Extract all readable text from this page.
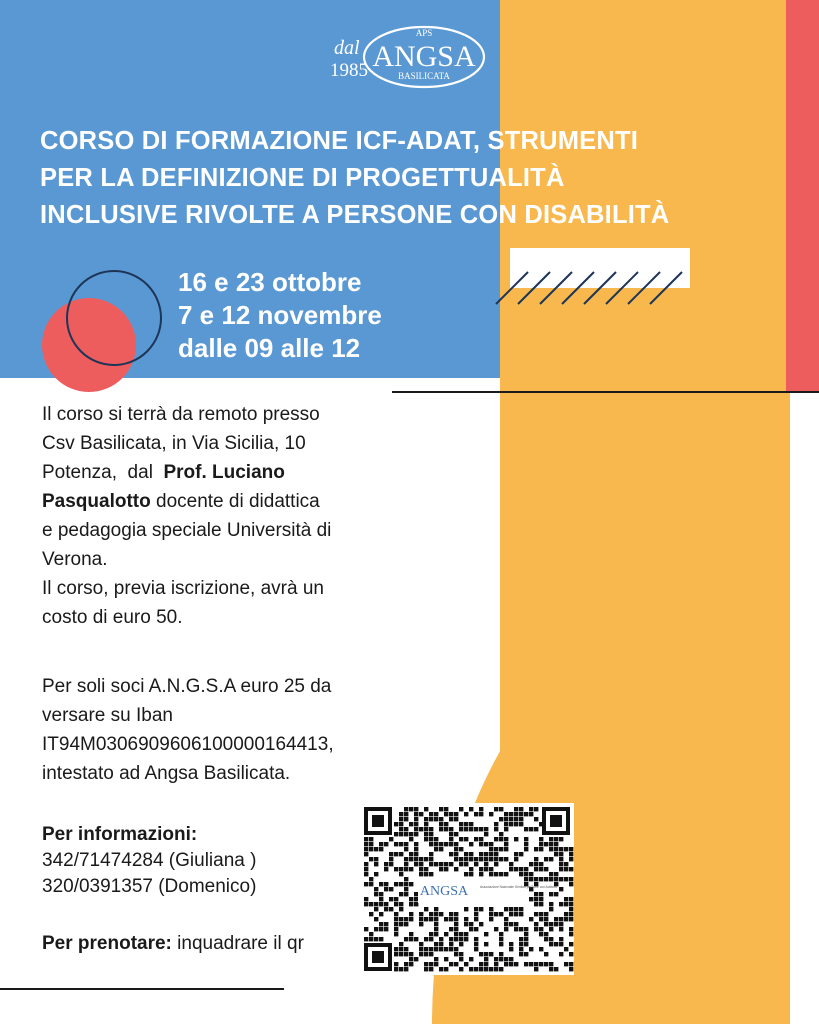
APS
ANGSA
BASILICATA
dal
1985
CORSO DI FORMAZIONE ICF-ADAT, STRUMENTI
PER LA DEFINIZIONE DI PROGETTUALITÀ
INCLUSIVE RIVOLTE A PERSONE CON DISABILITÀ
16 e 23 ottobre
7 e 12 novembre
dalle 09 alle 12
Il corso si terrà da remoto presso
Csv Basilicata, in Via Sicilia, 10
Potenza,  dal  Prof. Luciano
Pasqualotto docente di didattica
e pedagogia speciale Università di
Verona.
Il corso, previa iscrizione, avrà un
costo di euro 50.
Per soli soci A.N.G.S.A euro 25 da
versare su Iban
IT94M0306909606100000164413,
intestato ad Angsa Basilicata.
Per informazioni:
342/71474284 (Giuliana )
320/0391357 (Domenico)
Per prenotare: inquadrare il qr
ANGSA	Associazione Nazionale Genitori perSone con Autismo
